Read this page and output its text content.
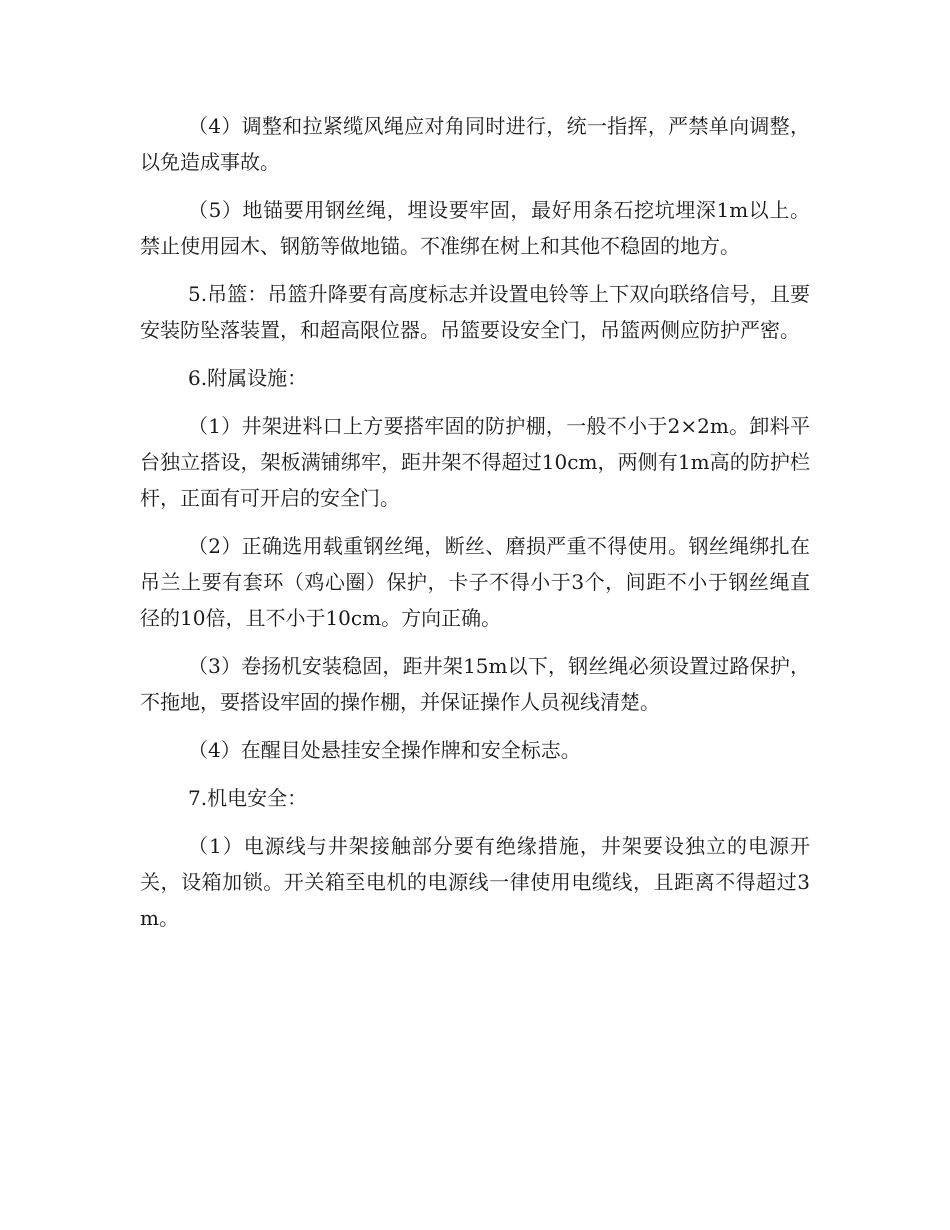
（4）调整和拉紧缆风绳应对角同时进行，统一指挥，严禁单向调整，以免造成事故。

（5）地锚要用钢丝绳，埋设要牢固，最好用条石挖坑埋深1m以上。禁止使用园木、钢筋等做地锚。不准绑在树上和其他不稳固的地方。

5.吊篮：吊篮升降要有高度标志并设置电铃等上下双向联络信号，且要安装防坠落装置，和超高限位器。吊篮要设安全门，吊篮两侧应防护严密。

6.附属设施：

（1）井架进料口上方要搭牢固的防护棚，一般不小于2×2m。卸料平台独立搭设，架板满铺绑牢，距井架不得超过10cm，两侧有1m高的防护栏杆，正面有可开启的安全门。

（2）正确选用载重钢丝绳，断丝、磨损严重不得使用。钢丝绳绑扎在吊兰上要有套环（鸡心圈）保护，卡子不得小于3个，间距不小于钢丝绳直径的10倍，且不小于10cm。方向正确。

（3）卷扬机安装稳固，距井架15m以下，钢丝绳必须设置过路保护，不拖地，要搭设牢固的操作棚，并保证操作人员视线清楚。

（4）在醒目处悬挂安全操作牌和安全标志。

7.机电安全：

（1）电源线与井架接触部分要有绝缘措施，井架要设独立的电源开关，设箱加锁。开关箱至电机的电源线一律使用电缆线，且距离不得超过3m。
